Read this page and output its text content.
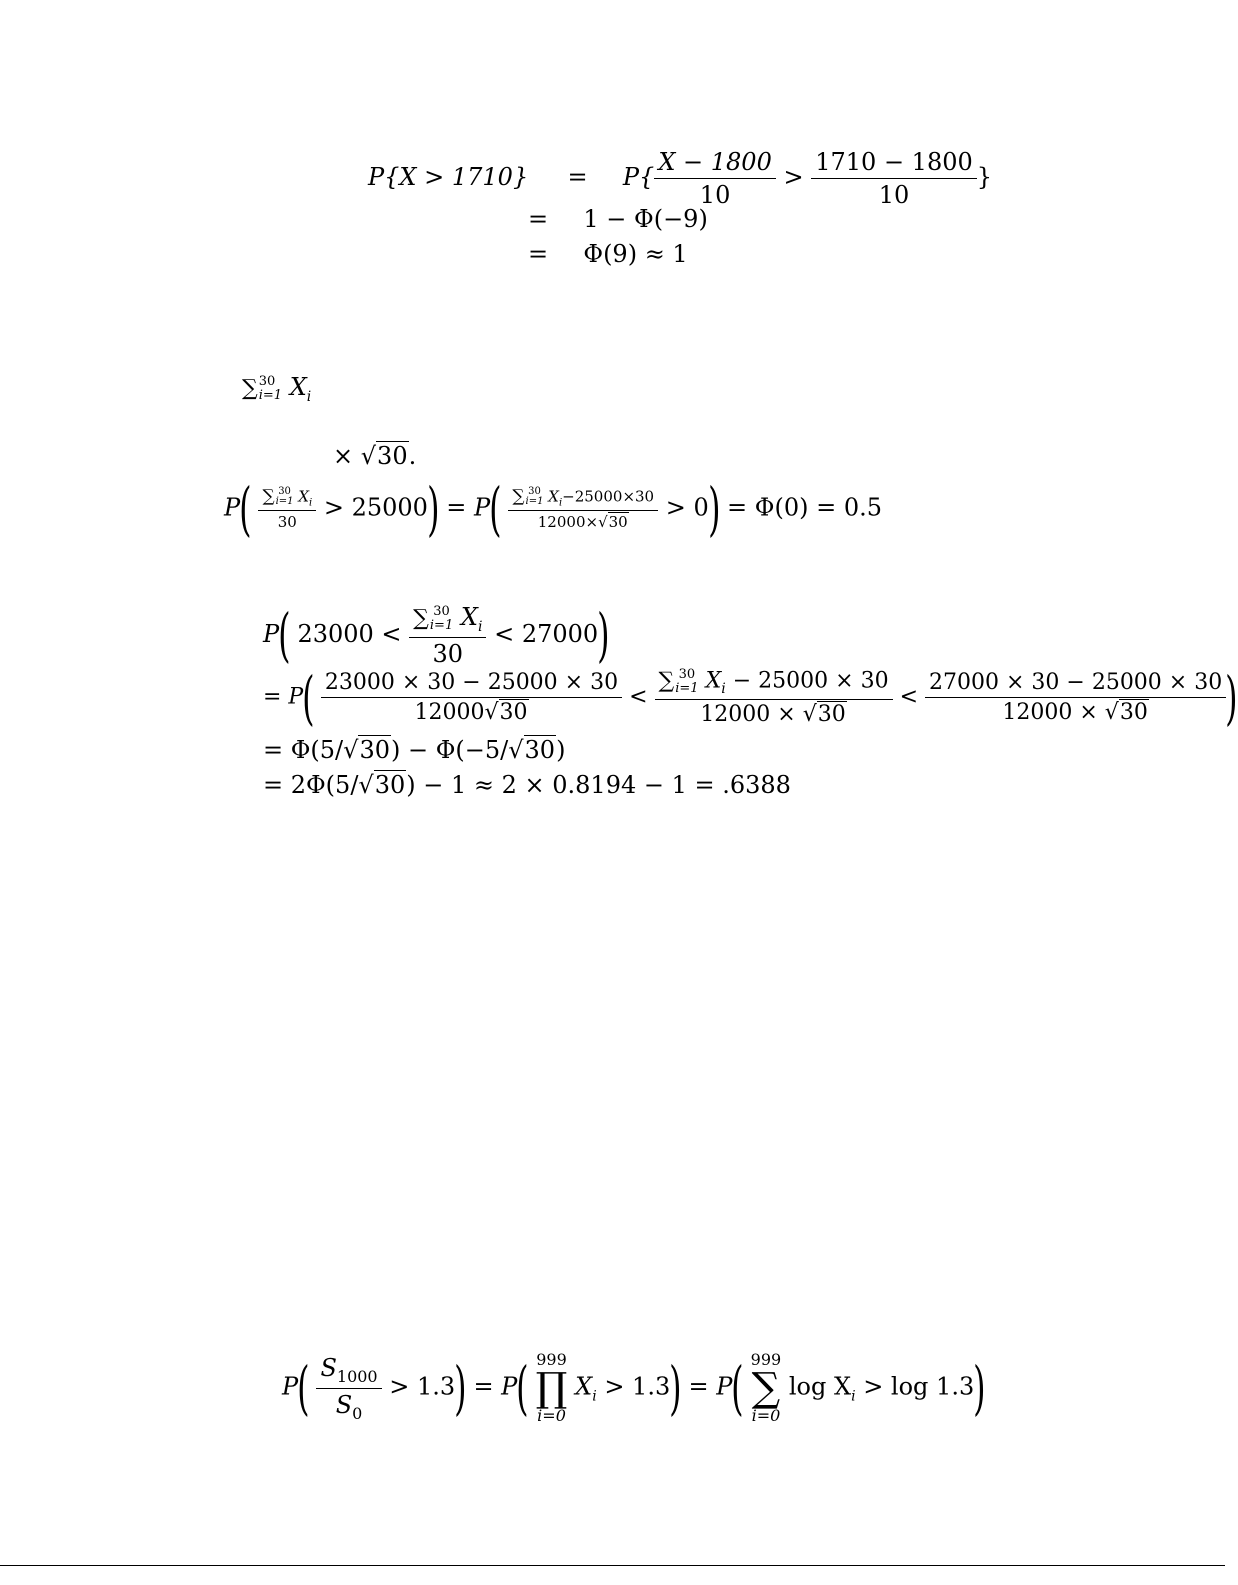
$P\{X > 1710\} = P\{ \frac{X - 1800}{10} > \frac{1710 - 1800}{10}$ }
= 1 − Φ(−9)
= Φ(9) ≈ 1
∑ 30
i=1 $X_i$
× √30.
P( ∑ 30
i=1 $X_i$
30 > 25000) = P( ∑ 30
i=1 $X_i-25000\times 30$
12000×√30 > 0) = Φ(0) = 0.5
P( 23000 < ∑ 30
i=1 $X_i$
30 < 27000)
= $P( \frac{23000 \times 30 - 25000 \times 30}{12000√30}$ < ∑ 30
i=1 $X_i - 25000 \times 30$
$12000 \times √30 < \frac{27000 \times 30 - 25000 \times 30}{12000 \times √30}$ )
= Φ(5/√30) − Φ(−5/√30)
= 2Φ(5/√30) − 1 ≈ 2 × 0.8194 − 1 = .6388
$P( \frac{S_{1000}}{S_0} > 1.3) = P$( 999
∏
i=0
$X_i > 1.3) = P$( 999
∑
i=0
$\log X_i > \log 1.3$)
